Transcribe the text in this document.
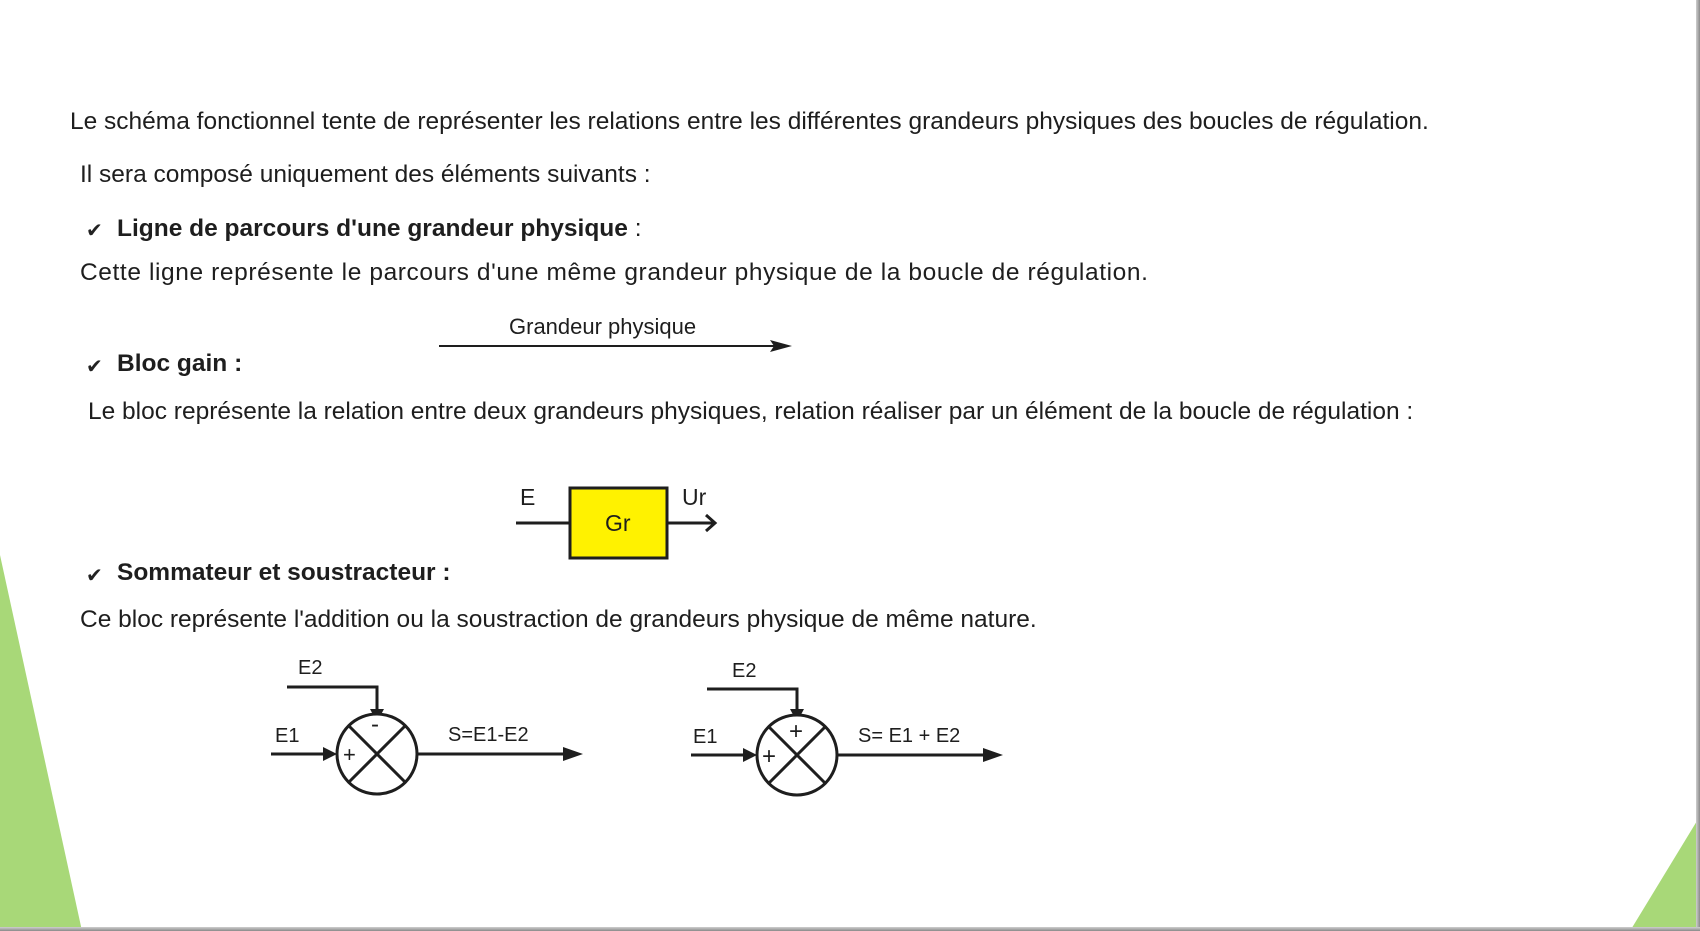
Le schéma fonctionnel tente de représenter les relations entre les différentes grandeurs physiques des boucles de régulation.
Il sera composé uniquement des éléments suivants :
✔ Ligne de parcours d'une grandeur physique :
Cette ligne représente le parcours d'une même grandeur physique de la boucle de régulation.
Grandeur physique
✔ Bloc gain :
Le bloc représente la relation entre deux grandeurs physiques, relation réaliser par un élément de la boucle de régulation :
E
Gr
Ur
✔ Sommateur et soustracteur :
Ce bloc représente l'addition ou la soustraction de grandeurs physique de même nature.
E2
E1	-
+
S=E1-E2
E2
E1	+
+
S= E1 + E2
